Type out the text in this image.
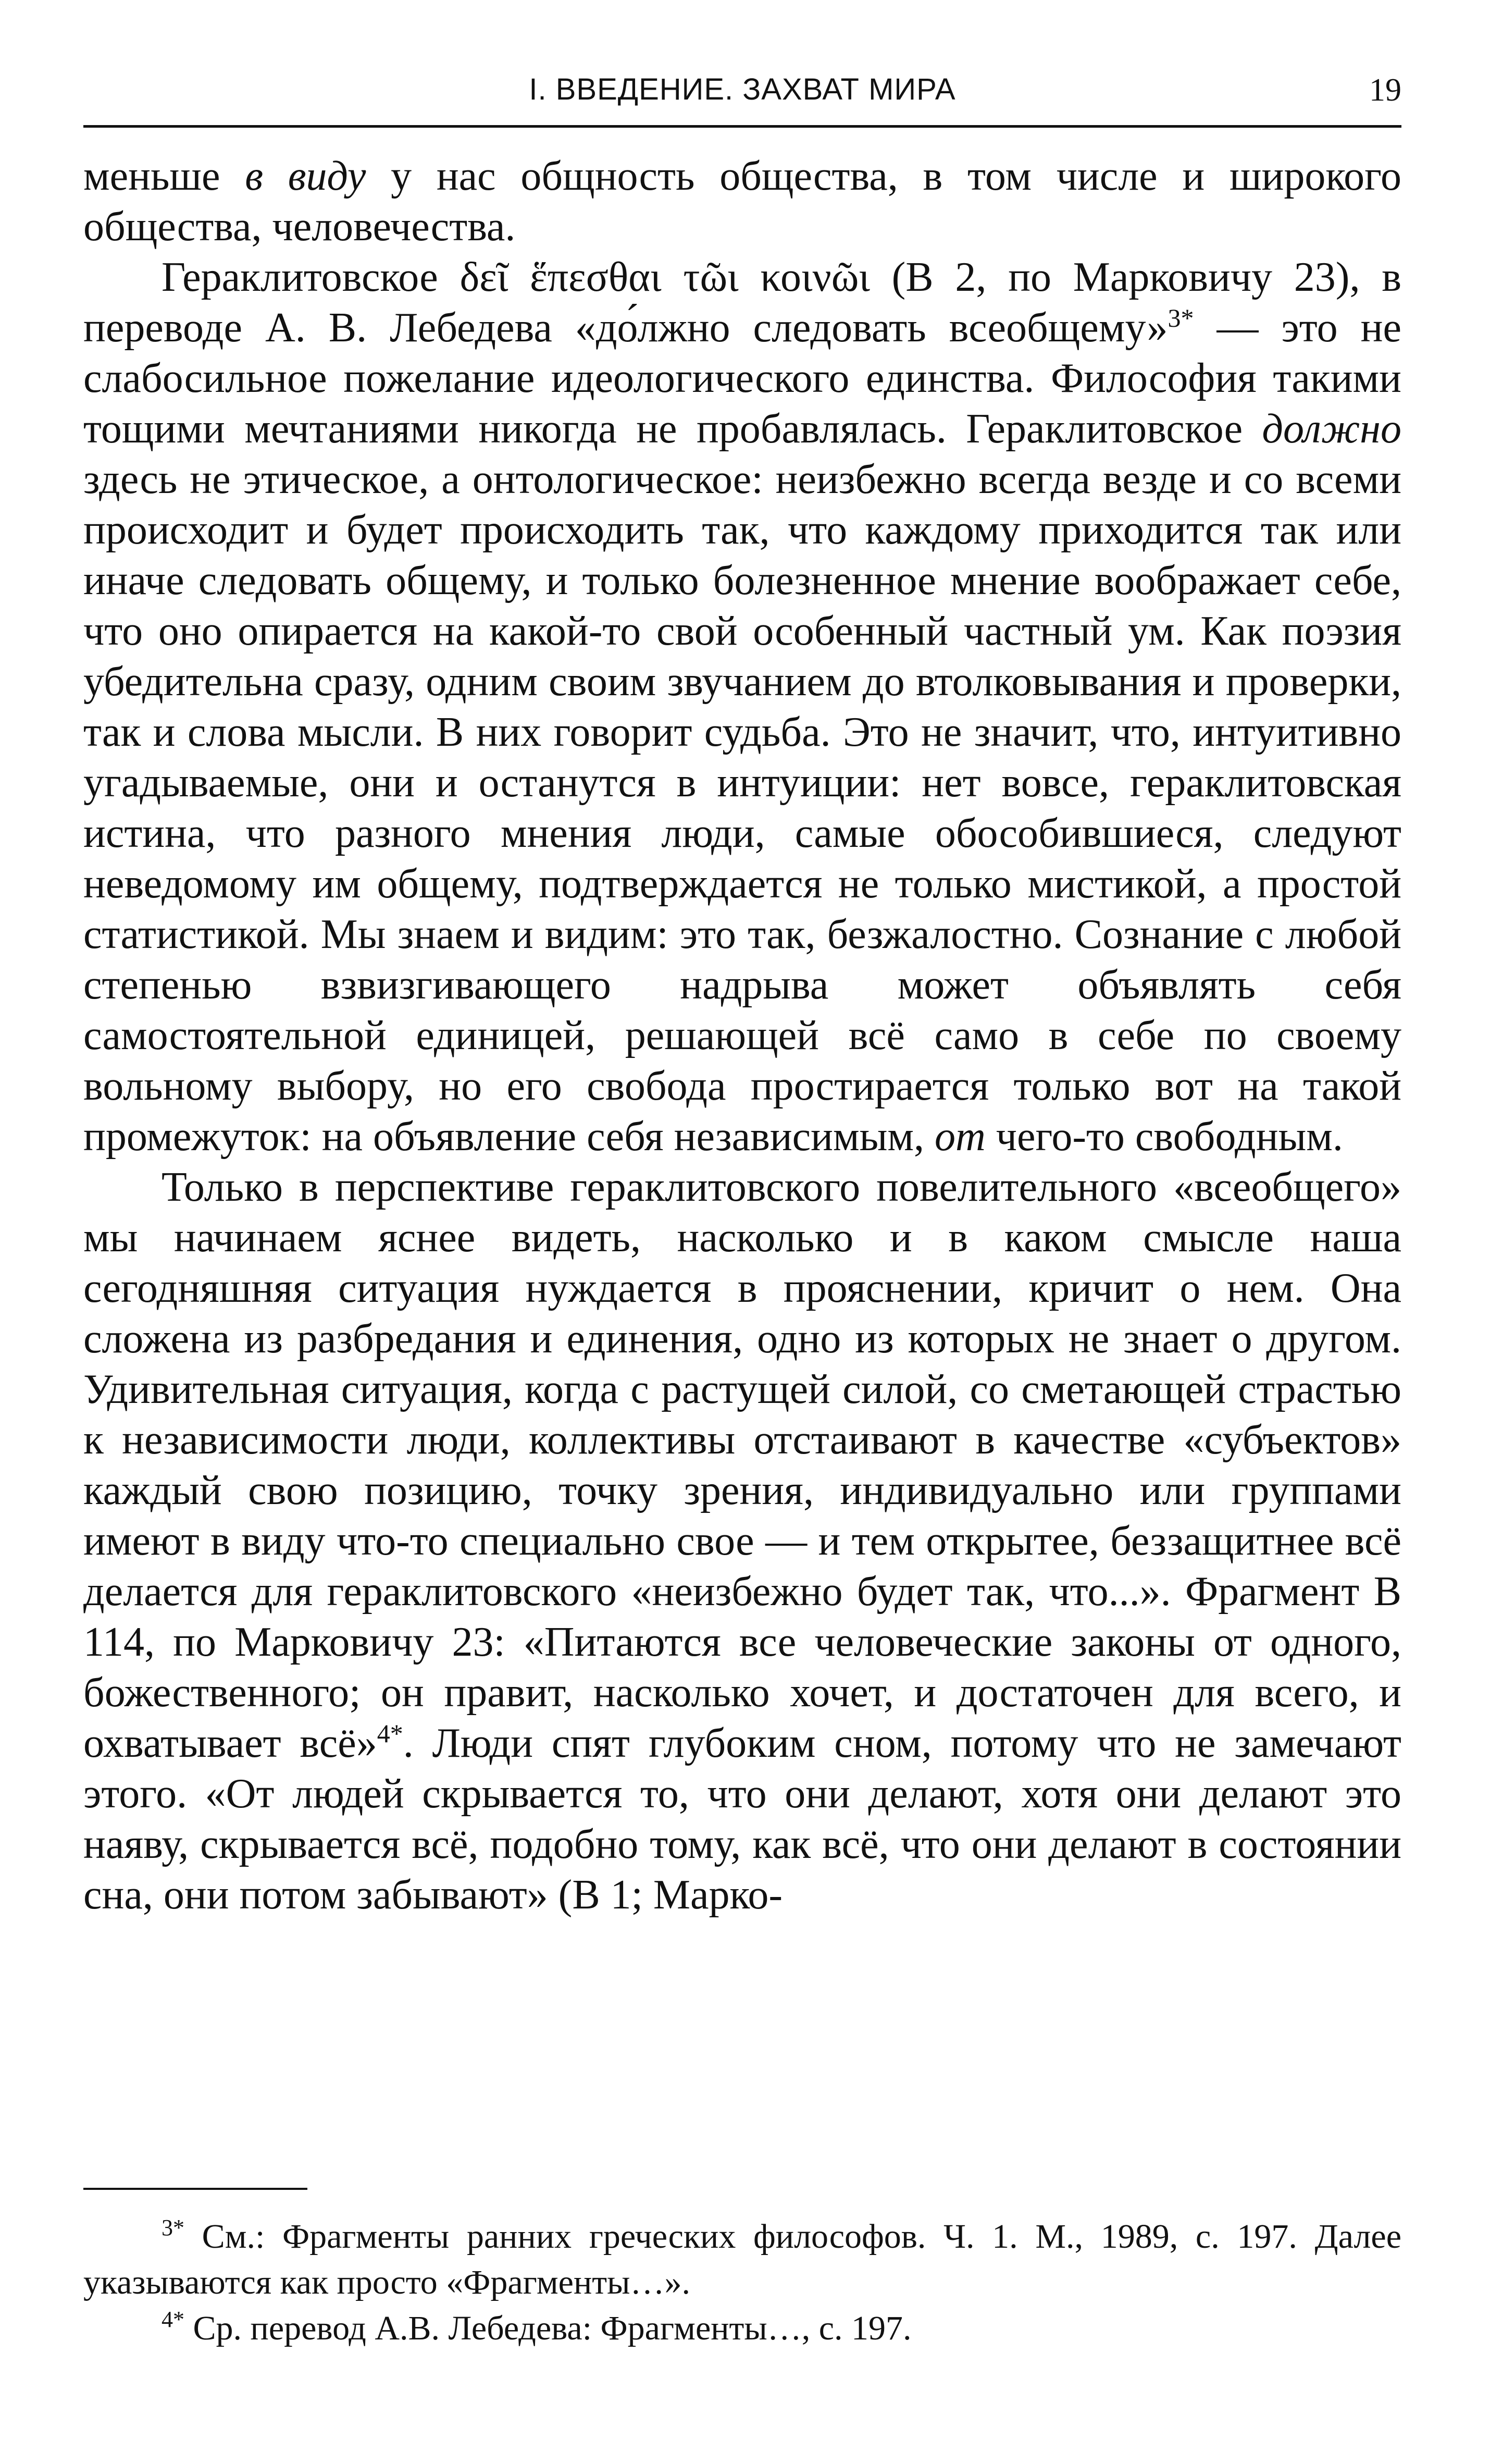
I. ВВЕДЕНИЕ. ЗАХВАТ МИРА	19

меньше в виду у нас общность общества, в том числе и широкого общества, человечества.

Гераклитовское δεῖ ἕπεσθαι τῶι κοινῶι (B 2, по Марковичу 23), в переводе А. В. Лебедева «до́лжно следовать всеобщему»$^{3*}$ — это не слабосильное пожелание идеологического единства. Философия такими тощими мечтаниями никогда не пробавлялась. Гераклитовское должно здесь не этическое, а онтологическое: неизбежно всегда везде и со всеми происходит и будет происходить так, что каждому приходится так или иначе следовать общему, и только болезненное мнение воображает себе, что оно опирается на какой-то свой особенный частный ум. Как поэзия убедительна сразу, одним своим звучанием до втолковывания и проверки, так и слова мысли. В них говорит судьба. Это не значит, что, интуитивно угадываемые, они и останутся в интуиции: нет вовсе, гераклитовская истина, что разного мнения люди, самые обособившиеся, следуют неведомому им общему, подтверждается не только мистикой, а простой статистикой. Мы знаем и видим: это так, безжалостно. Сознание с любой степенью взвизгивающего надрыва может объявлять себя самостоятельной единицей, решающей всё само в себе по своему вольному выбору, но его свобода простирается только вот на такой промежуток: на объявление себя независимым, от чего-то свободным.

Только в перспективе гераклитовского повелительного «всеобщего» мы начинаем яснее видеть, насколько и в каком смысле наша сегодняшняя ситуация нуждается в прояснении, кричит о нем. Она сложена из разбредания и единения, одно из которых не знает о другом. Удивительная ситуация, когда с растущей силой, со сметающей страстью к независимости люди, коллективы отстаивают в качестве «субъектов» каждый свою позицию, точку зрения, индивидуально или группами имеют в виду что-то специально свое — и тем открытее, беззащитнее всё делается для гераклитовского «неизбежно будет так, что...». Фрагмент B 114, по Марковичу 23: «Питаются все человеческие законы от одного, божественного; он правит, насколько хочет, и достаточен для всего, и охватывает всё»$^{4*}$. Люди спят глубоким сном, потому что не замечают этого. «От людей скрывается то, что они делают, хотя они делают это наяву, скрывается всё, подобно тому, как всё, что они делают в состоянии сна, они потом забывают» (B 1; Марко-

$^{3*}$ См.: Фрагменты ранних греческих философов. Ч. 1. М., 1989, с. 197. Далее указываются как просто «Фрагменты…».

$^{4*}$ Ср. перевод А.В. Лебедева: Фрагменты…, с. 197.
